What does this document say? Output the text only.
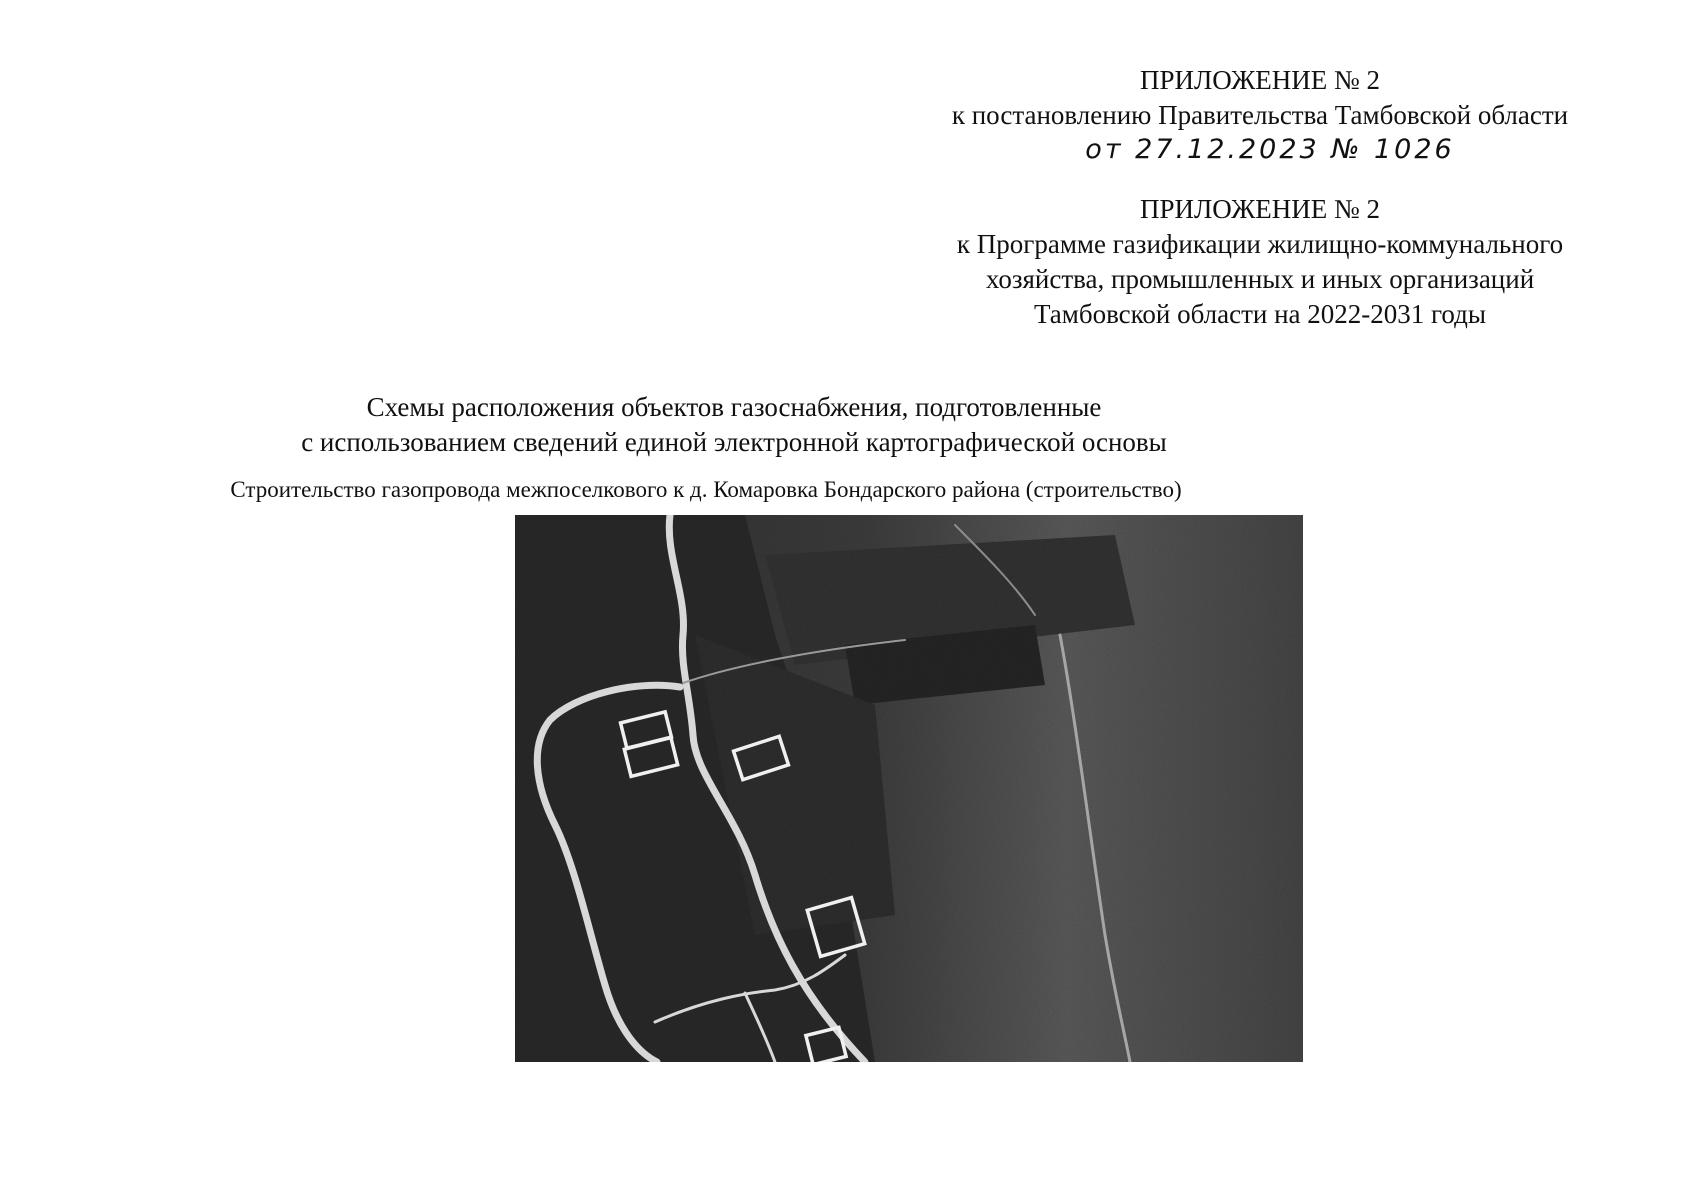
ПРИЛОЖЕНИЕ № 2
к постановлению Правительства Тамбовской области
от 27.12.2023 № 1026
ПРИЛОЖЕНИЕ № 2
к Программе газификации жилищно-коммунального
хозяйства, промышленных и иных организаций
Тамбовской области на 2022-2031 годы
Схемы расположения объектов газоснабжения, подготовленные
с использованием сведений единой электронной картографической основы
Строительство газопровода межпоселкового к д. Комаровка Бондарского района (строительство)
